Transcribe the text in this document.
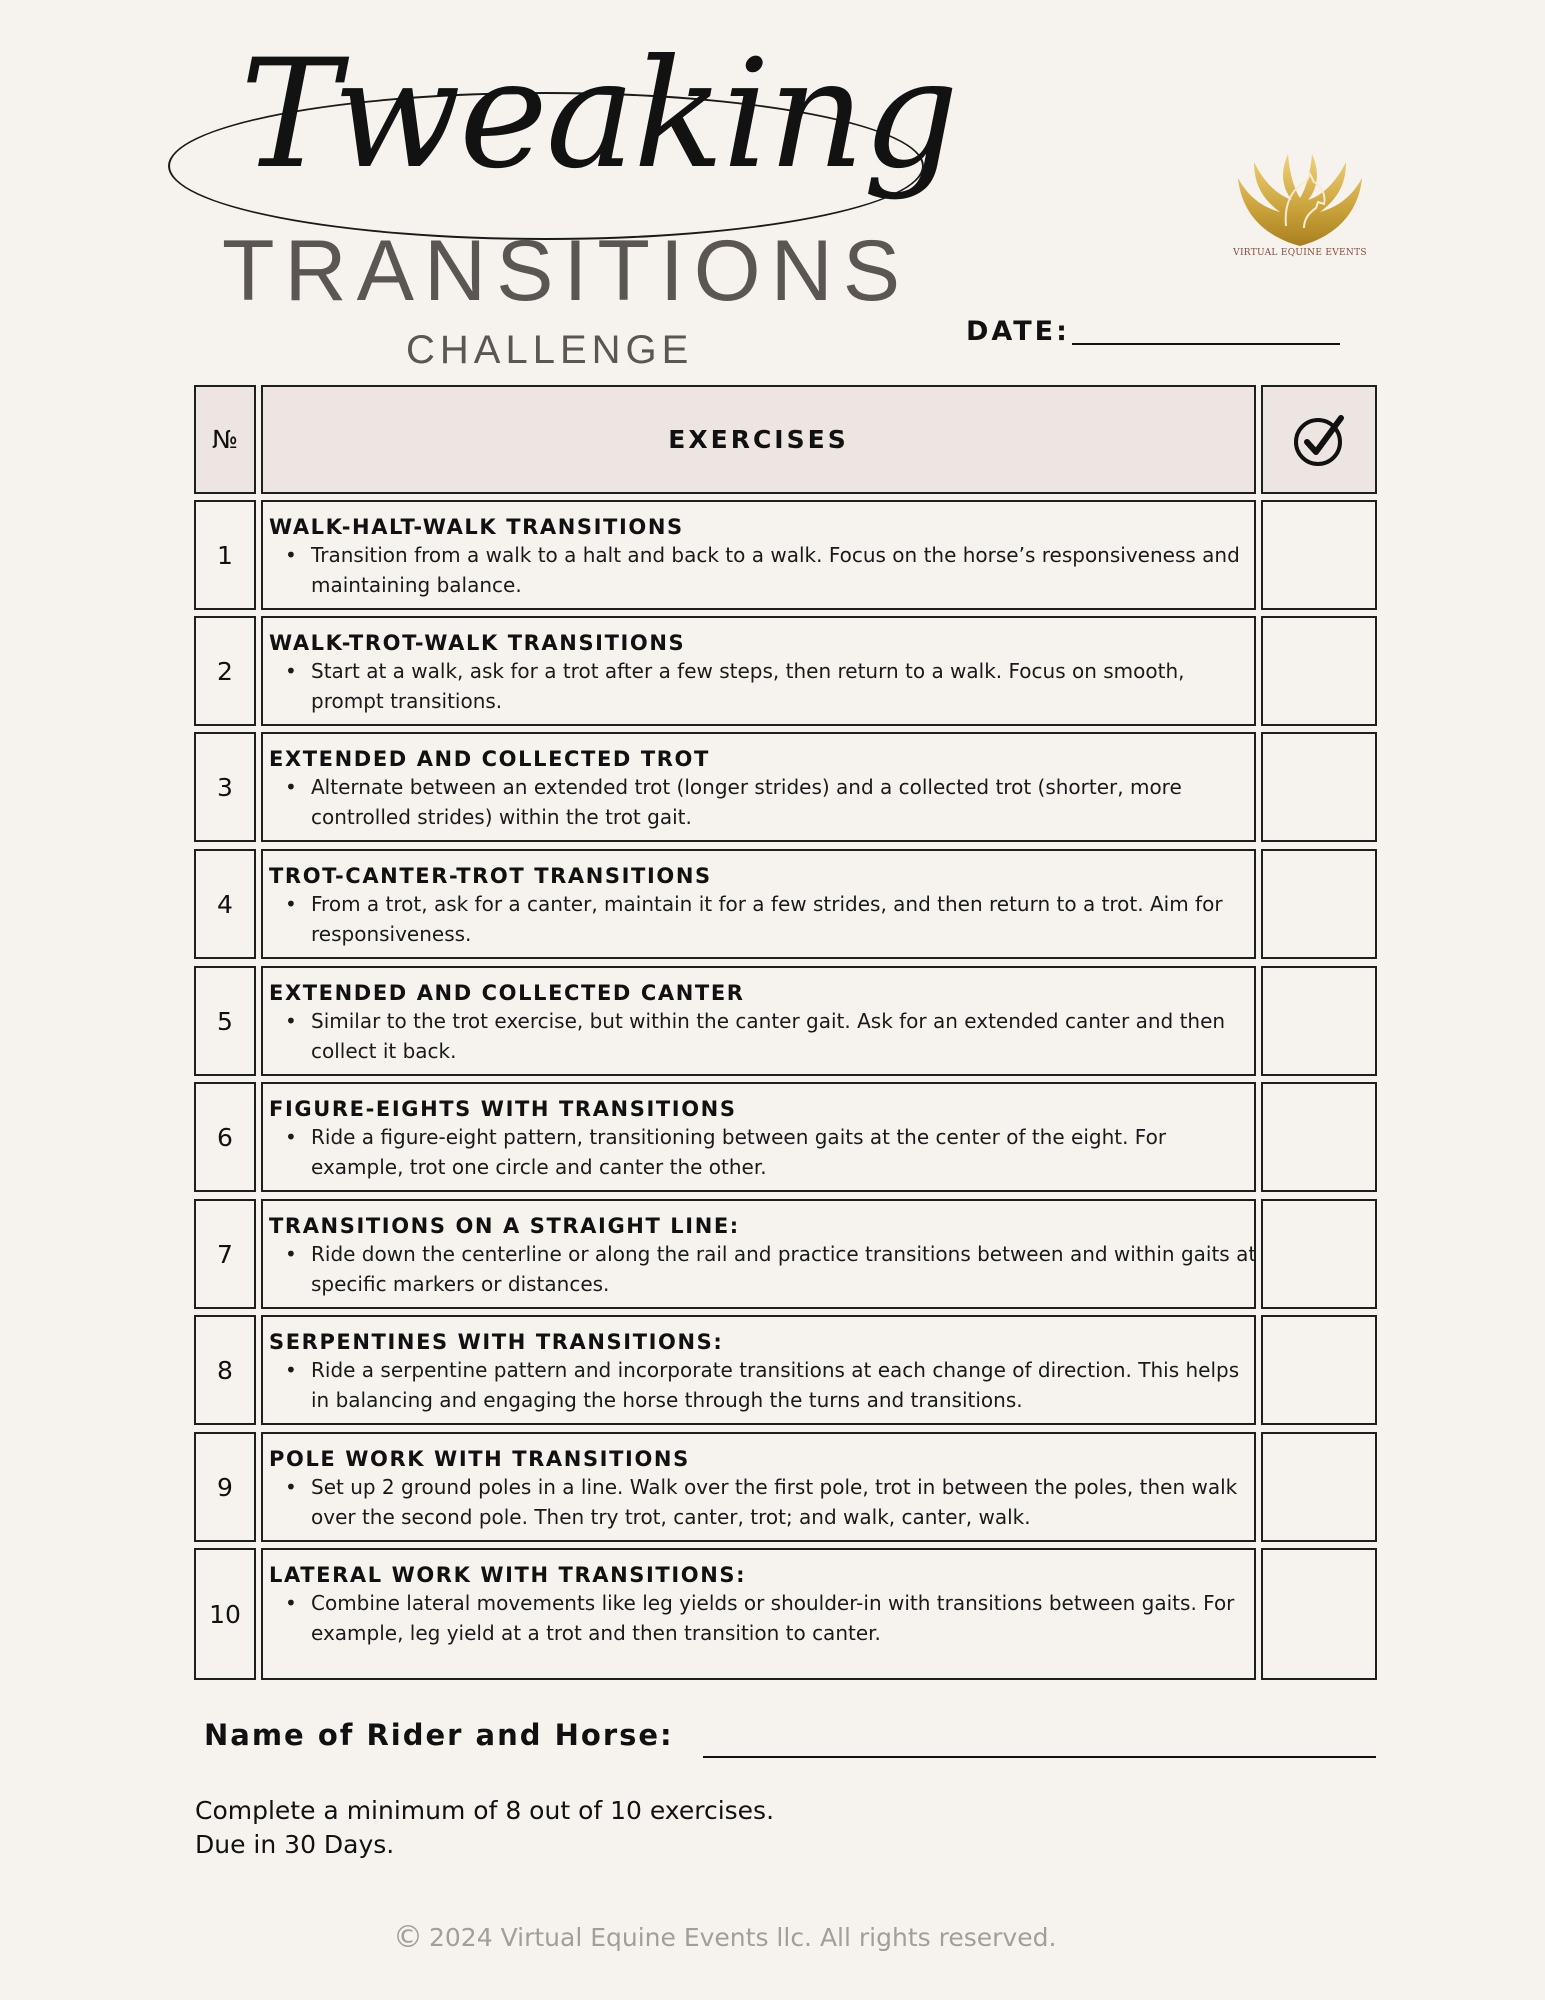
Tweaking
TRANSITIONS
CHALLENGE
VIRTUAL EQUINE EVENTS
DATE:
№	EXERCISES
1
WALK-HALT-WALK TRANSITIONS
• Transition from a walk to a halt and back to a walk. Focus on the horse’s responsiveness and maintaining balance.
2
WALK-TROT-WALK TRANSITIONS
• Start at a walk, ask for a trot after a few steps, then return to a walk. Focus on smooth, prompt transitions.
3
EXTENDED AND COLLECTED TROT
• Alternate between an extended trot (longer strides) and a collected trot (shorter, more controlled strides) within the trot gait.
4
TROT-CANTER-TROT TRANSITIONS
• From a trot, ask for a canter, maintain it for a few strides, and then return to a trot. Aim for responsiveness.
5
EXTENDED AND COLLECTED CANTER
• Similar to the trot exercise, but within the canter gait. Ask for an extended canter and then collect it back.
6
FIGURE-EIGHTS WITH TRANSITIONS
• Ride a figure-eight pattern, transitioning between gaits at the center of the eight. For example, trot one circle and canter the other.
7
TRANSITIONS ON A STRAIGHT LINE:
• Ride down the centerline or along the rail and practice transitions between and within gaits at specific markers or distances.
8
SERPENTINES WITH TRANSITIONS:
• Ride a serpentine pattern and incorporate transitions at each change of direction. This helps in balancing and engaging the horse through the turns and transitions.
9
POLE WORK WITH TRANSITIONS
• Set up 2 ground poles in a line. Walk over the first pole, trot in between the poles, then walk over the second pole. Then try trot, canter, trot; and walk, canter, walk.
10
LATERAL WORK WITH TRANSITIONS:
• Combine lateral movements like leg yields or shoulder-in with transitions between gaits. For example, leg yield at a trot and then transition to canter.
Name of Rider and Horse:
Complete a minimum of 8 out of 10 exercises.
Due in 30 Days.
© 2024 Virtual Equine Events llc. All rights reserved.
